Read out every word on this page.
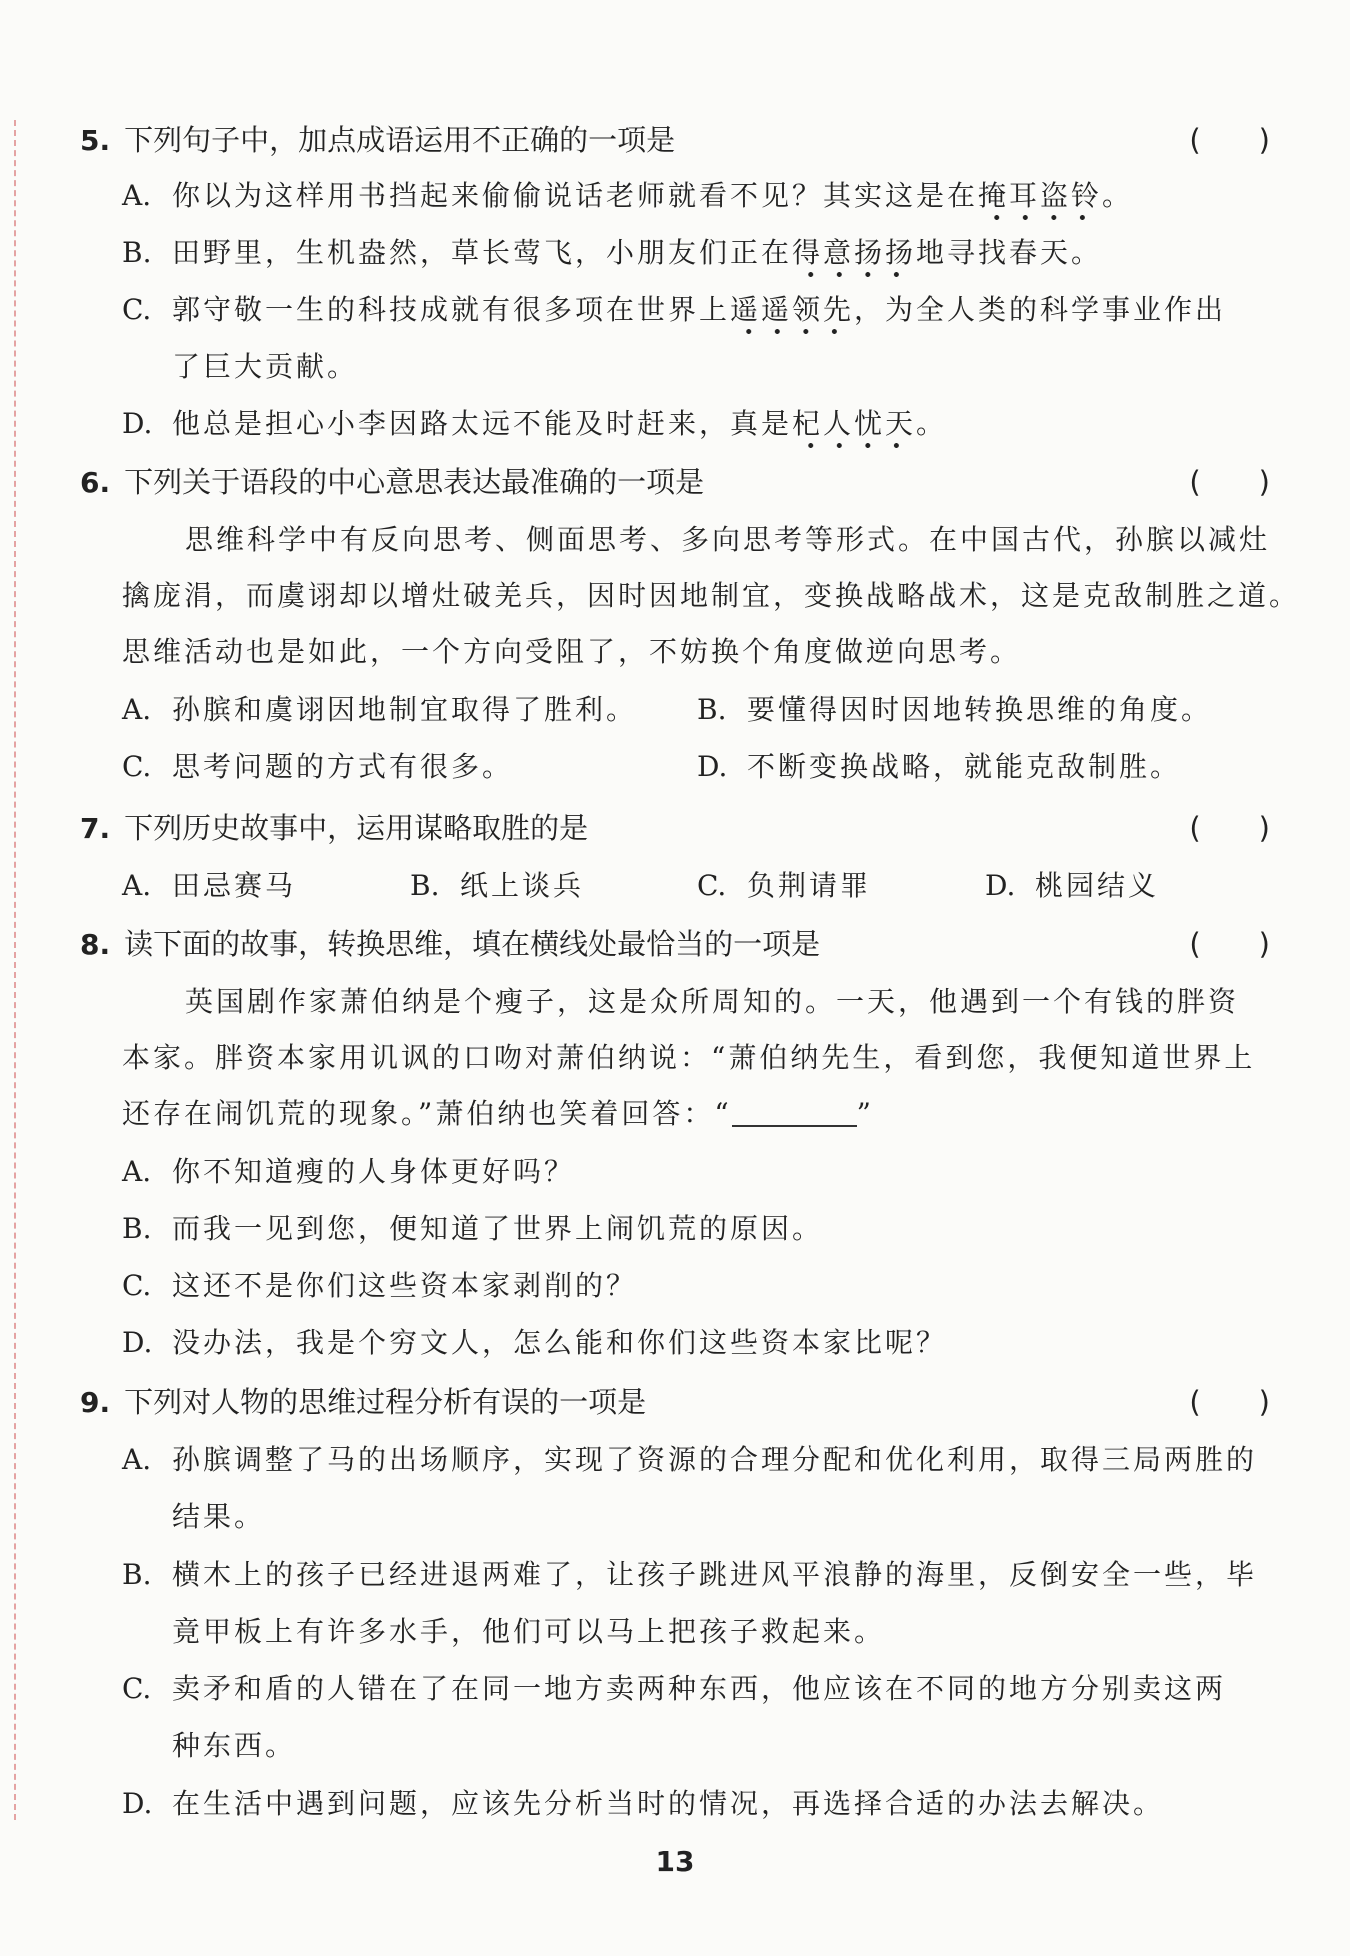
5. 下列句子中，加点成语运用不正确的一项是	(　　)
A. 你以为这样用书挡起来偷偷说话老师就看不见？其实这是在掩耳盗铃。
B. 田野里，生机盎然，草长莺飞，小朋友们正在得意扬扬地寻找春天。
C. 郭守敬一生的科技成就有很多项在世界上遥遥领先，为全人类的科学事业作出
了巨大贡献。
D. 他总是担心小李因路太远不能及时赶来，真是杞人忧天。
6. 下列关于语段的中心意思表达最准确的一项是	(　　)
思维科学中有反向思考、侧面思考、多向思考等形式。在中国古代，孙膑以减灶
擒庞涓，而虞诩却以增灶破羌兵，因时因地制宜，变换战略战术，这是克敌制胜之道。
思维活动也是如此，一个方向受阻了，不妨换个角度做逆向思考。
A. 孙膑和虞诩因地制宜取得了胜利。 B. 要懂得因时因地转换思维的角度。
C. 思考问题的方式有很多。	D. 不断变换战略，就能克敌制胜。
7. 下列历史故事中，运用谋略取胜的是	(　　)
A. 田忌赛马	B. 纸上谈兵	C. 负荆请罪	D. 桃园结义
8. 读下面的故事，转换思维，填在横线处最恰当的一项是	(　　)
英国剧作家萧伯纳是个瘦子，这是众所周知的。一天，他遇到一个有钱的胖资
本家。胖资本家用讥讽的口吻对萧伯纳说：“萧伯纳先生，看到您，我便知道世界上
还存在闹饥荒的现象。”萧伯纳也笑着回答：“	”
A. 你不知道瘦的人身体更好吗？
B. 而我一见到您，便知道了世界上闹饥荒的原因。
C. 这还不是你们这些资本家剥削的？
D. 没办法，我是个穷文人，怎么能和你们这些资本家比呢？
9. 下列对人物的思维过程分析有误的一项是	(　　)
A. 孙膑调整了马的出场顺序，实现了资源的合理分配和优化利用，取得三局两胜的
结果。
B. 横木上的孩子已经进退两难了，让孩子跳进风平浪静的海里，反倒安全一些，毕
竟甲板上有许多水手，他们可以马上把孩子救起来。
C. 卖矛和盾的人错在了在同一地方卖两种东西，他应该在不同的地方分别卖这两
种东西。
D. 在生活中遇到问题，应该先分析当时的情况，再选择合适的办法去解决。
13
